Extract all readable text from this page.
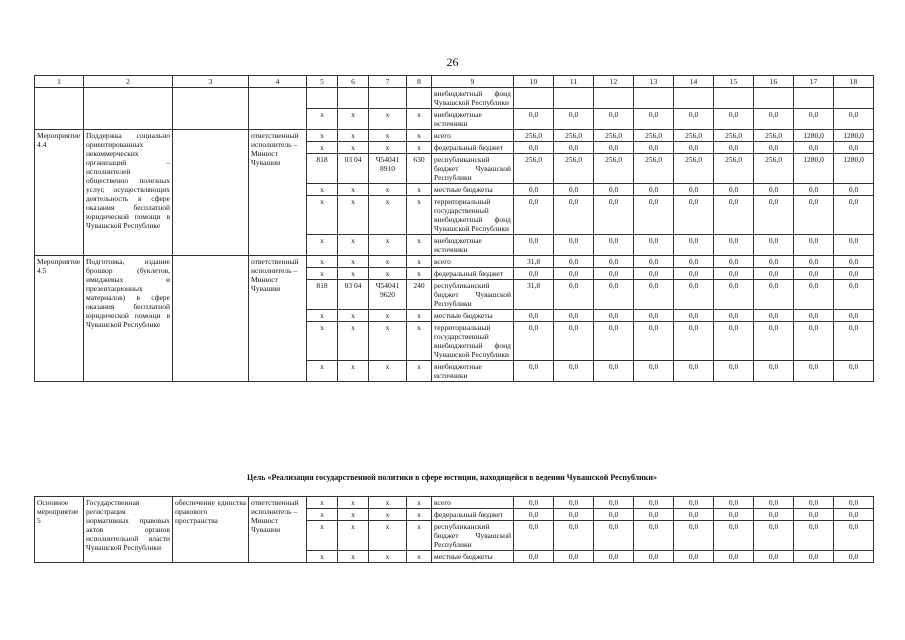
26
1	2	3	4	5	6	7	8	9	10	11	12	13	14	15	16	17	18
								внебюджетный фонд Чувашской Республики									
				x	x	x	x	внебюджетные источники	0,0	0,0	0,0	0,0	0,0	0,0	0,0	0,0	0,0
Мероприятие 4.4	Поддержка социально ориентированных некоммерческих организаций – исполнителей общественно полезных услуг, осуществляющих деятельность в сфере оказания бесплатной юридической помощи в Чувашской Республике		ответственный исполнитель – Минюст Чувашии	x	x	x	x	всего	256,0	256,0	256,0	256,0	256,0	256,0	256,0	1280,0	1280,0
				x	x	x	x	федеральный бюджет	0,0	0,0	0,0	0,0	0,0	0,0	0,0	0,0	0,0
				818	03 04	Ч54041 8910	630	республиканский бюджет Чувашской Республики	256,0	256,0	256,0	256,0	256,0	256,0	256,0	1280,0	1280,0
				x	x	x	x	местные бюджеты	0,0	0,0	0,0	0,0	0,0	0,0	0,0	0,0	0,0
				x	x	x	x	территориальный государственный внебюджетный фонд Чувашской Республики	0,0	0,0	0,0	0,0	0,0	0,0	0,0	0,0	0,0
				x	x	x	x	внебюджетные источники	0,0	0,0	0,0	0,0	0,0	0,0	0,0	0,0	0,0
Мероприятие 4.5	Подготовка, издание брошюр (буклетов, имиджевых и презентационных материалов) в сфере оказания бесплатной юридической помощи в Чувашской Республике		ответственный исполнитель – Минюст Чувашии	x	x	x	x	всего	31,8	0,0	0,0	0,0	0,0	0,0	0,0	0,0	0,0
				x	x	x	x	федеральный бюджет	0,0	0,0	0,0	0,0	0,0	0,0	0,0	0,0	0,0
				818	03 04	Ч54041 9620	240	республиканский бюджет Чувашской Республики	31,8	0,0	0,0	0,0	0,0	0,0	0,0	0,0	0,0
				x	x	x	x	местные бюджеты	0,0	0,0	0,0	0,0	0,0	0,0	0,0	0,0	0,0
				x	x	x	x	территориальный государственный внебюджетный фонд Чувашской Республики	0,0	0,0	0,0	0,0	0,0	0,0	0,0	0,0	0,0
				x	x	x	x	внебюджетные источники	0,0	0,0	0,0	0,0	0,0	0,0	0,0	0,0	0,0
Цель «Реализация государственной политики в сфере юстиции, находящейся в ведении Чувашской Республики»
Основное мероприятие 5	Государственная регистрация нормативных правовых актов органов исполнительной власти Чувашской Республики	обеспечение единства правового пространства	ответственный исполнитель – Минюст Чувашии	x	x	x	x	всего	0,0	0,0	0,0	0,0	0,0	0,0	0,0	0,0	0,0
				x	x	x	x	федеральный бюджет	0,0	0,0	0,0	0,0	0,0	0,0	0,0	0,0	0,0
				x	x	x	x	республиканский бюджет Чувашской Республики	0,0	0,0	0,0	0,0	0,0	0,0	0,0	0,0	0,0
				x	x	x	x	местные бюджеты	0,0	0,0	0,0	0,0	0,0	0,0	0,0	0,0	0,0
